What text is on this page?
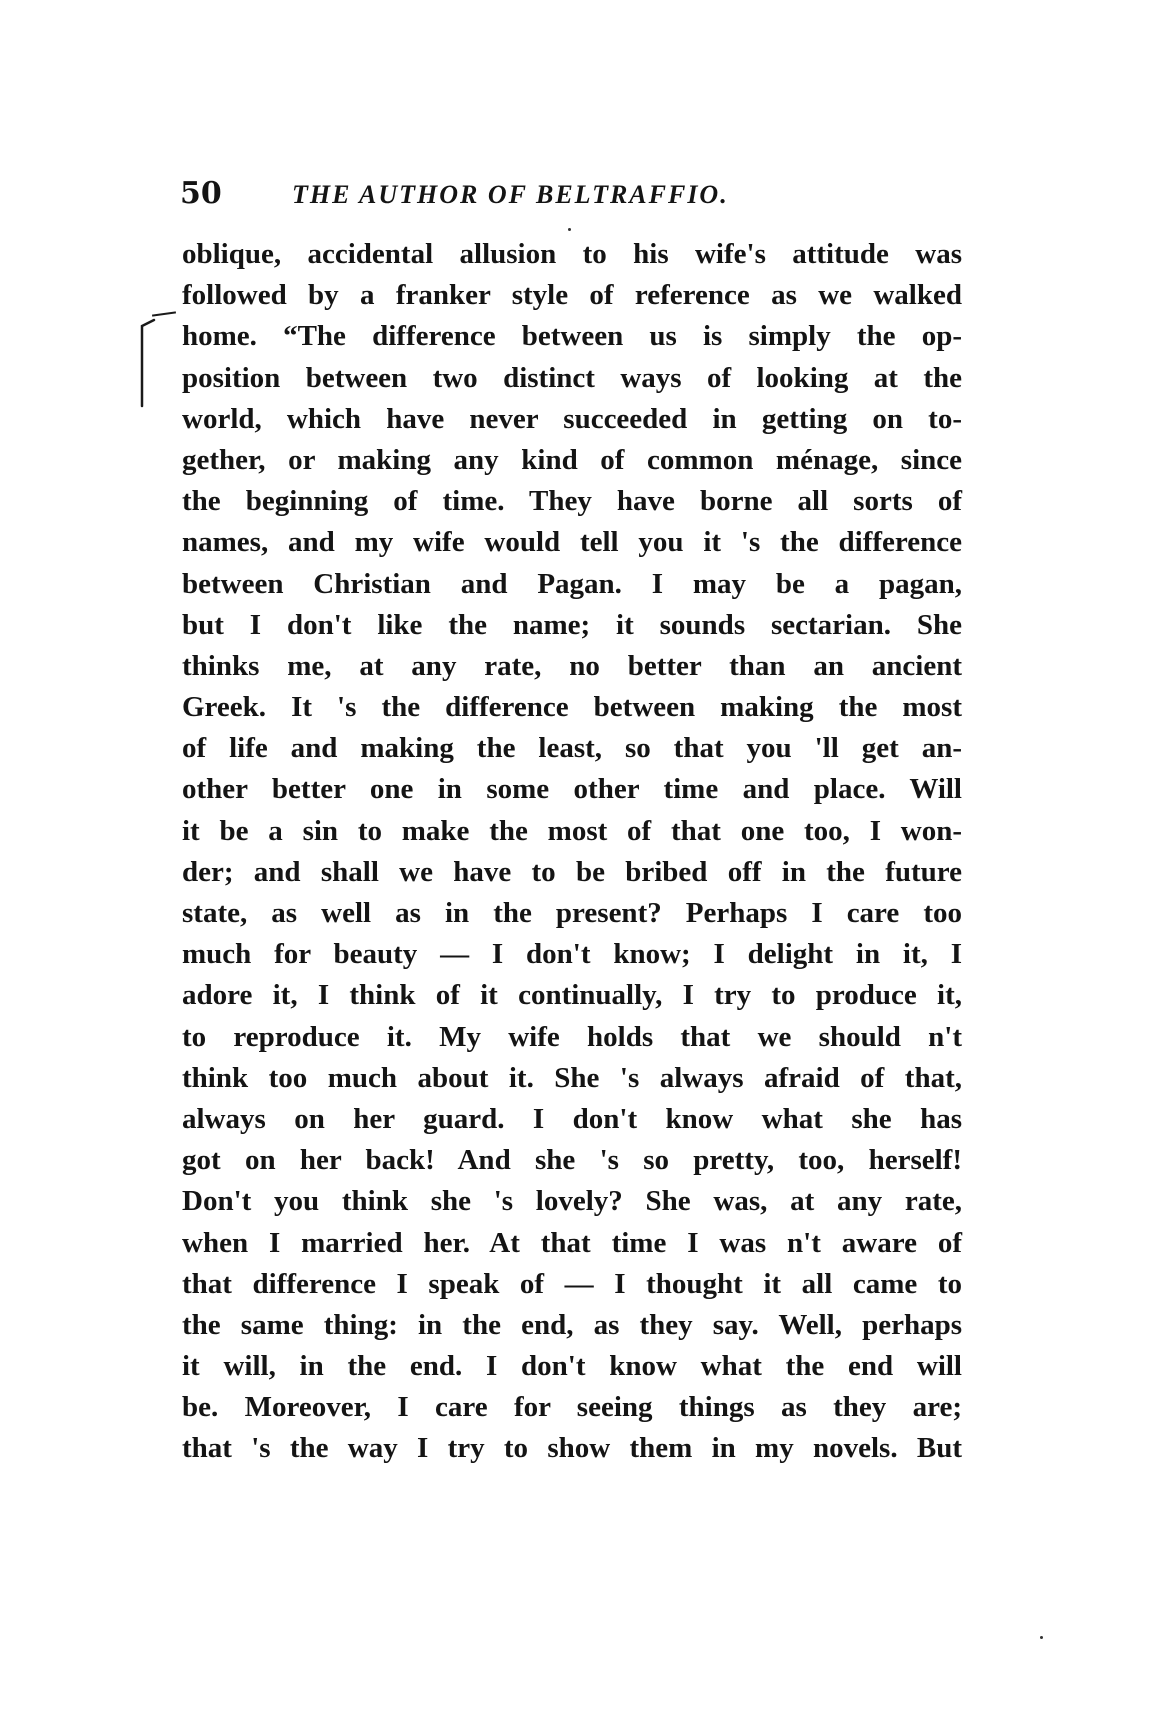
50	THE AUTHOR OF BELTRAFFIO.
oblique, accidental allusion to his wife's attitude was
followed by a franker style of reference as we walked
home. “The difference between us is simply the op-
position between two distinct ways of looking at the
world, which have never succeeded in getting on to-
gether, or making any kind of common ménage, since
the beginning of time. They have borne all sorts of
names, and my wife would tell you it 's the difference
between Christian and Pagan. I may be a pagan,
but I don't like the name; it sounds sectarian. She
thinks me, at any rate, no better than an ancient
Greek. It 's the difference between making the most
of life and making the least, so that you 'll get an-
other better one in some other time and place. Will
it be a sin to make the most of that one too, I won-
der; and shall we have to be bribed off in the future
state, as well as in the present? Perhaps I care too
much for beauty — I don't know; I delight in it, I
adore it, I think of it continually, I try to produce it,
to reproduce it. My wife holds that we should n't
think too much about it. She 's always afraid of that,
always on her guard. I don't know what she has
got on her back! And she 's so pretty, too, herself!
Don't you think she 's lovely? She was, at any rate,
when I married her. At that time I was n't aware of
that difference I speak of — I thought it all came to
the same thing: in the end, as they say. Well, perhaps
it will, in the end. I don't know what the end will
be. Moreover, I care for seeing things as they are;
that 's the way I try to show them in my novels. But
